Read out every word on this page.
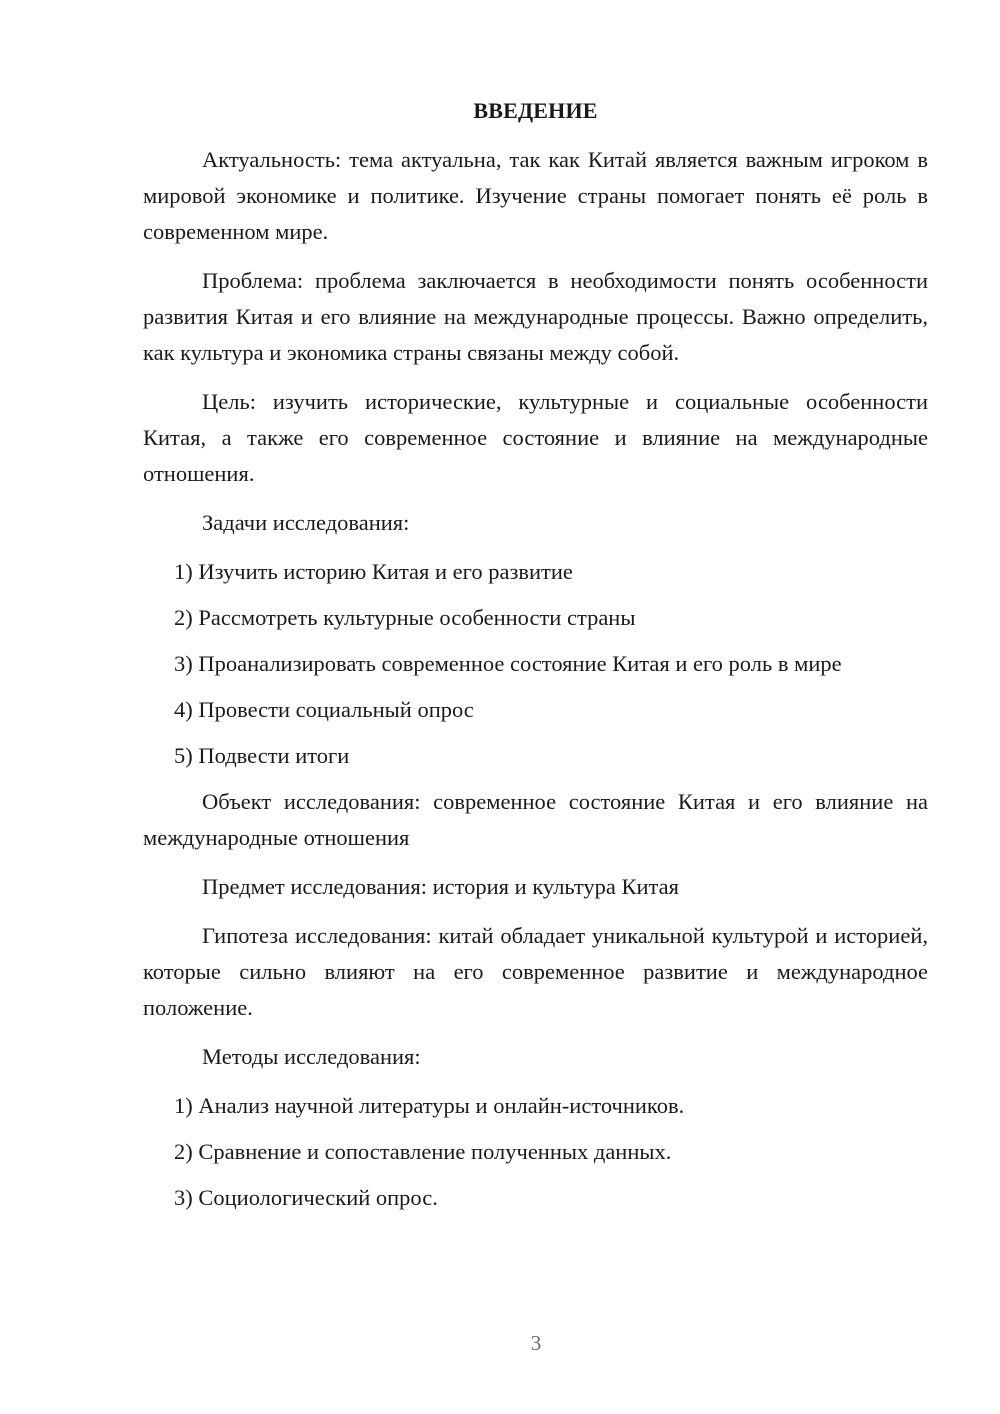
ВВЕДЕНИЕ

Актуальность: тема актуальна, так как Китай является важным игроком в мировой экономике и политике. Изучение страны помогает понять её роль в современном мире.

Проблема: проблема заключается в необходимости понять особенности развития Китая и его влияние на международные процессы. Важно определить, как культура и экономика страны связаны между собой.

Цель: изучить исторические, культурные и социальные особенности Китая, а также его современное состояние и влияние на международные отношения.

Задачи исследования:

1) Изучить историю Китая и его развитие
2) Рассмотреть культурные особенности страны
3) Проанализировать современное состояние Китая и его роль в мире
4) Провести социальный опрос
5) Подвести итоги

Объект исследования: современное состояние Китая и его влияние на международные отношения

Предмет исследования: история и культура Китая

Гипотеза исследования: китай обладает уникальной культурой и историей, которые сильно влияют на его современное развитие и международное положение.

Методы исследования:

1) Анализ научной литературы и онлайн-источников.
2) Сравнение и сопоставление полученных данных.
3) Социологический опрос.
3
